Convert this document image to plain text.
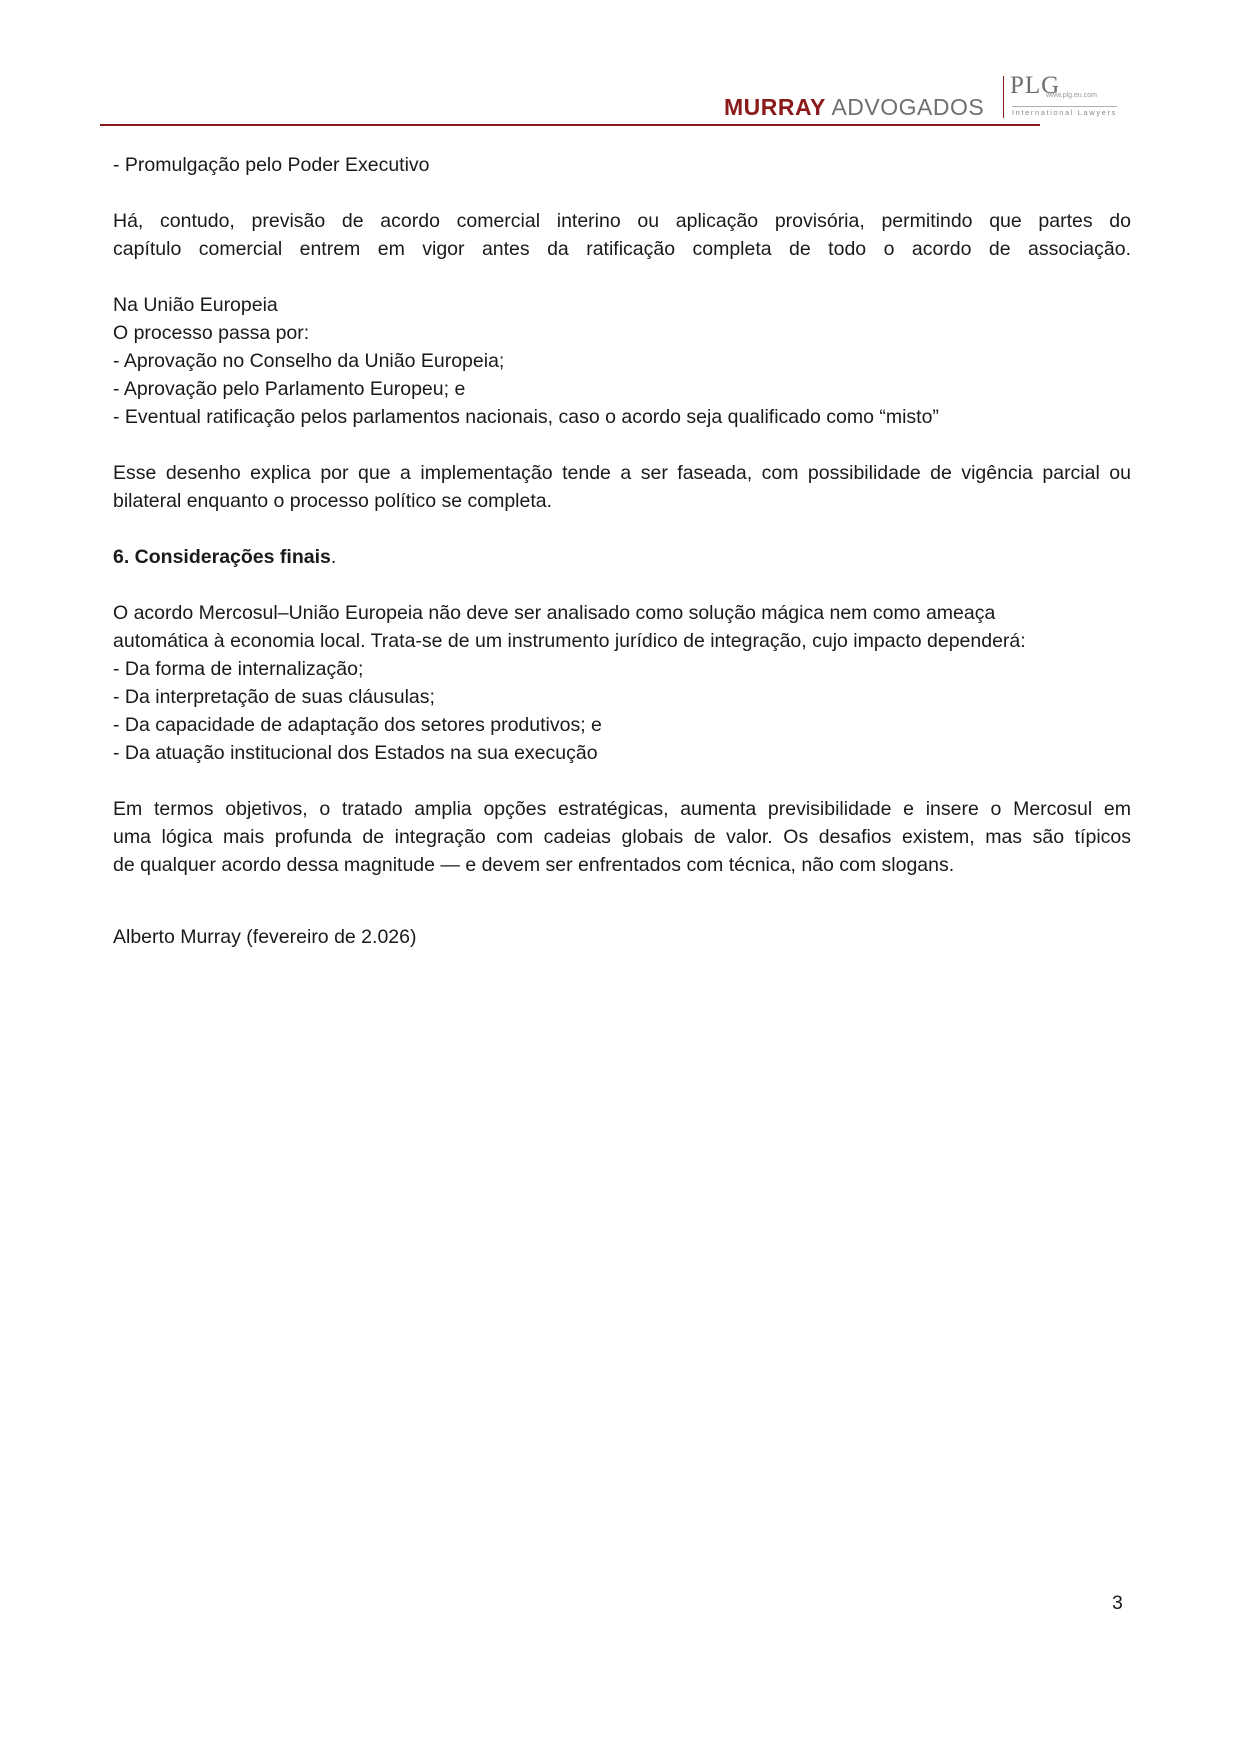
MURRAY ADVOGADOS
PLG
www.plg.eu.com
International Lawyers

- Promulgação pelo Poder Executivo

Há, contudo, previsão de acordo comercial interino ou aplicação provisória, permitindo que partes do

capítulo comercial entrem em vigor antes da ratificação completa de todo o acordo de associação.

Na União Europeia

O processo passa por:

- Aprovação no Conselho da União Europeia;

- Aprovação pelo Parlamento Europeu; e

- Eventual ratificação pelos parlamentos nacionais, caso o acordo seja qualificado como “misto”

Esse desenho explica por que a implementação tende a ser faseada, com possibilidade de vigência parcial ou

bilateral enquanto o processo político se completa.

6. Considerações finais.

O acordo Mercosul–União Europeia não deve ser analisado como solução mágica nem como ameaça

automática à economia local. Trata-se de um instrumento jurídico de integração, cujo impacto dependerá:

- Da forma de internalização;

- Da interpretação de suas cláusulas;

- Da capacidade de adaptação dos setores produtivos; e

- Da atuação institucional dos Estados na sua execução

Em termos objetivos, o tratado amplia opções estratégicas, aumenta previsibilidade e insere o Mercosul em

uma lógica mais profunda de integração com cadeias globais de valor. Os desafios existem, mas são típicos

de qualquer acordo dessa magnitude — e devem ser enfrentados com técnica, não com slogans.

Alberto Murray (fevereiro de 2.026)

3
